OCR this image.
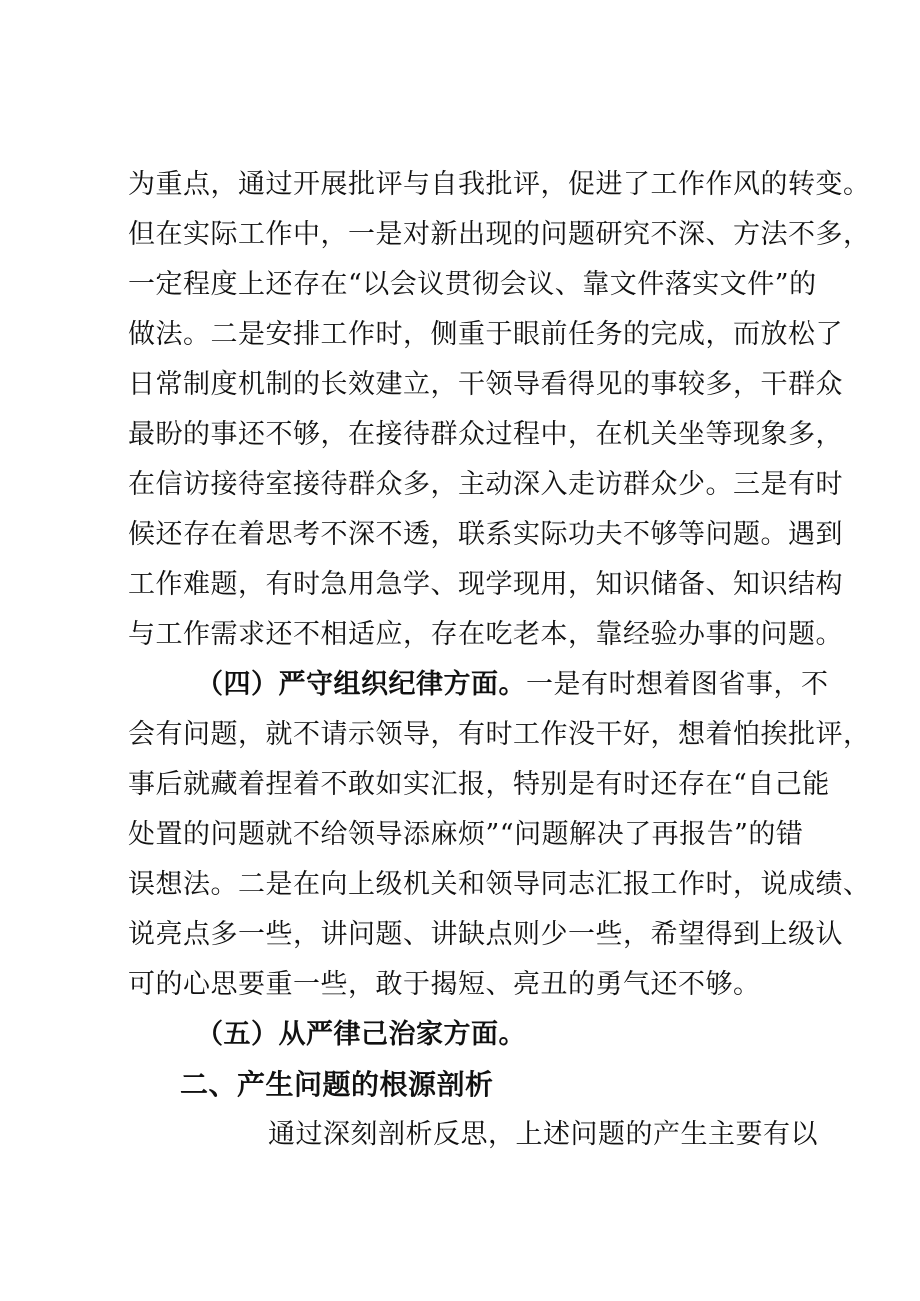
为重点，通过开展批评与自我批评，促进了工作作风的转变。
但在实际工作中，一是对新出现的问题研究不深、方法不多，
一定程度上还存在“以会议贯彻会议、靠文件落实文件”的
做法。二是安排工作时，侧重于眼前任务的完成，而放松了
日常制度机制的长效建立，干领导看得见的事较多，干群众
最盼的事还不够，在接待群众过程中，在机关坐等现象多，
在信访接待室接待群众多，主动深入走访群众少。三是有时
候还存在着思考不深不透，联系实际功夫不够等问题。遇到
工作难题，有时急用急学、现学现用，知识储备、知识结构
与工作需求还不相适应，存在吃老本，靠经验办事的问题。
（四）严守组织纪律方面。一是有时想着图省事，不
会有问题，就不请示领导，有时工作没干好，想着怕挨批评，
事后就藏着捏着不敢如实汇报，特别是有时还存在“自己能
处置的问题就不给领导添麻烦”“问题解决了再报告”的错
误想法。二是在向上级机关和领导同志汇报工作时，说成绩、
说亮点多一些，讲问题、讲缺点则少一些，希望得到上级认
可的心思要重一些，敢于揭短、亮丑的勇气还不够。
（五）从严律己治家方面。
二、产生问题的根源剖析
通过深刻剖析反思，上述问题的产生主要有以
